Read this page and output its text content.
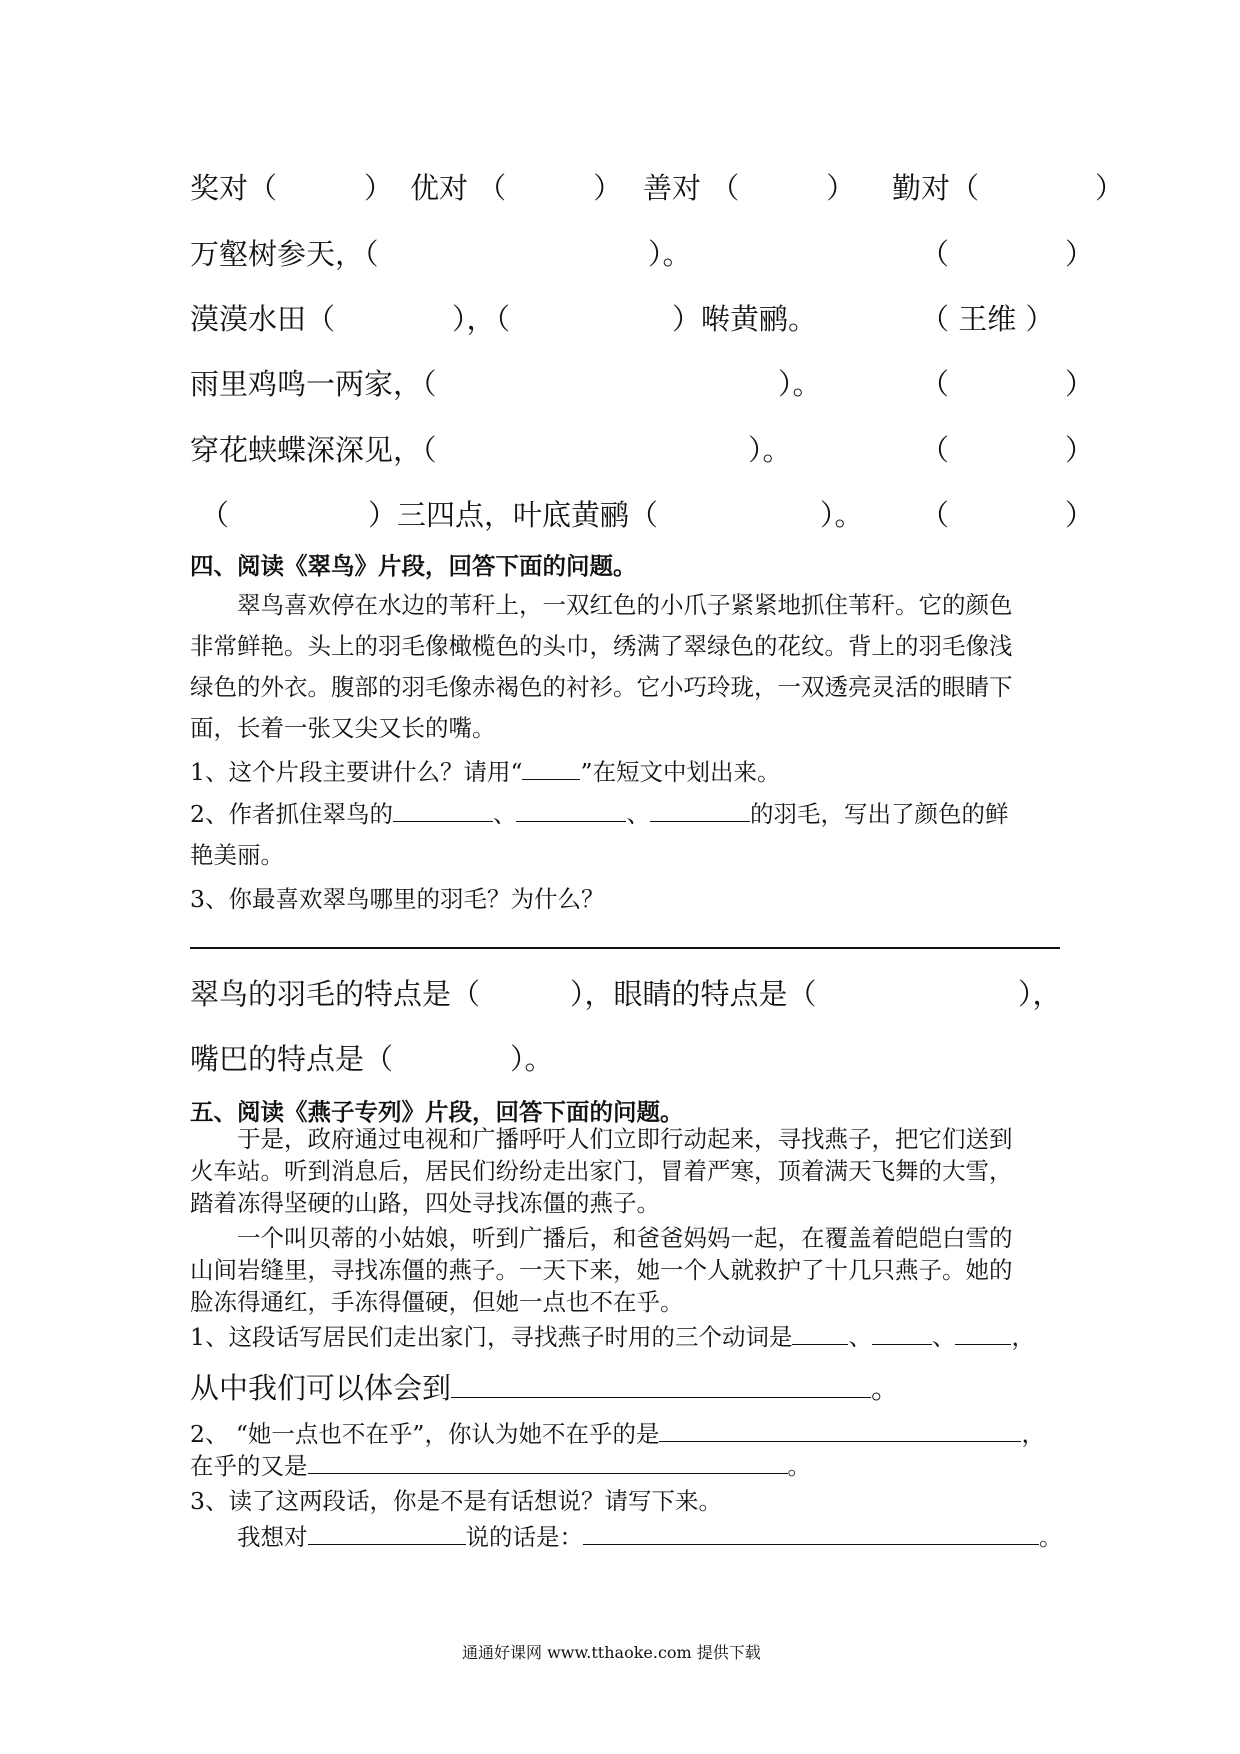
奖对（　　　） 优对 （　　　） 善对 （　　　） 勤对（　　　　）
万壑树参天，（	）。	（　　　　）
漠漠水田（	），（	）啭黄鹂。	（ 王维 ）
雨里鸡鸣一两家，（	）。	（　　　　）
穿花蛱蝶深深见，（	）。	（　　　　）
（	）三四点，叶底黄鹂（	）。 （　　　　）
四、阅读《翠鸟》片段，回答下面的问题。
　　翠鸟喜欢停在水边的苇秆上，一双红色的小爪子紧紧地抓住苇秆。它的颜色
非常鲜艳。头上的羽毛像橄榄色的头巾，绣满了翠绿色的花纹。背上的羽毛像浅
绿色的外衣。腹部的羽毛像赤褐色的衬衫。它小巧玲珑，一双透亮灵活的眼睛下
面，长着一张又尖又长的嘴。
1、这个片段主要讲什么？请用“ ”在短文中划出来。
2、作者抓住翠鸟的	、	、	的羽毛，写出了颜色的鲜
艳美丽。
3、你最喜欢翠鸟哪里的羽毛？为什么？
翠鸟的羽毛的特点是（	），眼睛的特点是（	），
嘴巴的特点是（	）。
五、阅读《燕子专列》片段，回答下面的问题。
　　于是，政府通过电视和广播呼吁人们立即行动起来，寻找燕子，把它们送到
火车站。听到消息后，居民们纷纷走出家门，冒着严寒，顶着满天飞舞的大雪，
踏着冻得坚硬的山路，四处寻找冻僵的燕子。
　　一个叫贝蒂的小姑娘，听到广播后，和爸爸妈妈一起，在覆盖着皑皑白雪的
山间岩缝里，寻找冻僵的燕子。一天下来，她一个人就救护了十几只燕子。她的
脸冻得通红，手冻得僵硬，但她一点也不在乎。
1、这段话写居民们走出家门，寻找燕子时用的三个动词是 、	、 ，
从中我们可以体会到	。
2、 “她一点也不在乎”，你认为她不在乎的是	，
在乎的又是	。
3、读了这两段话，你是不是有话想说？请写下来。
　　我想对	说的话是：	。
通通好课网 www.tthaoke.com 提供下载
